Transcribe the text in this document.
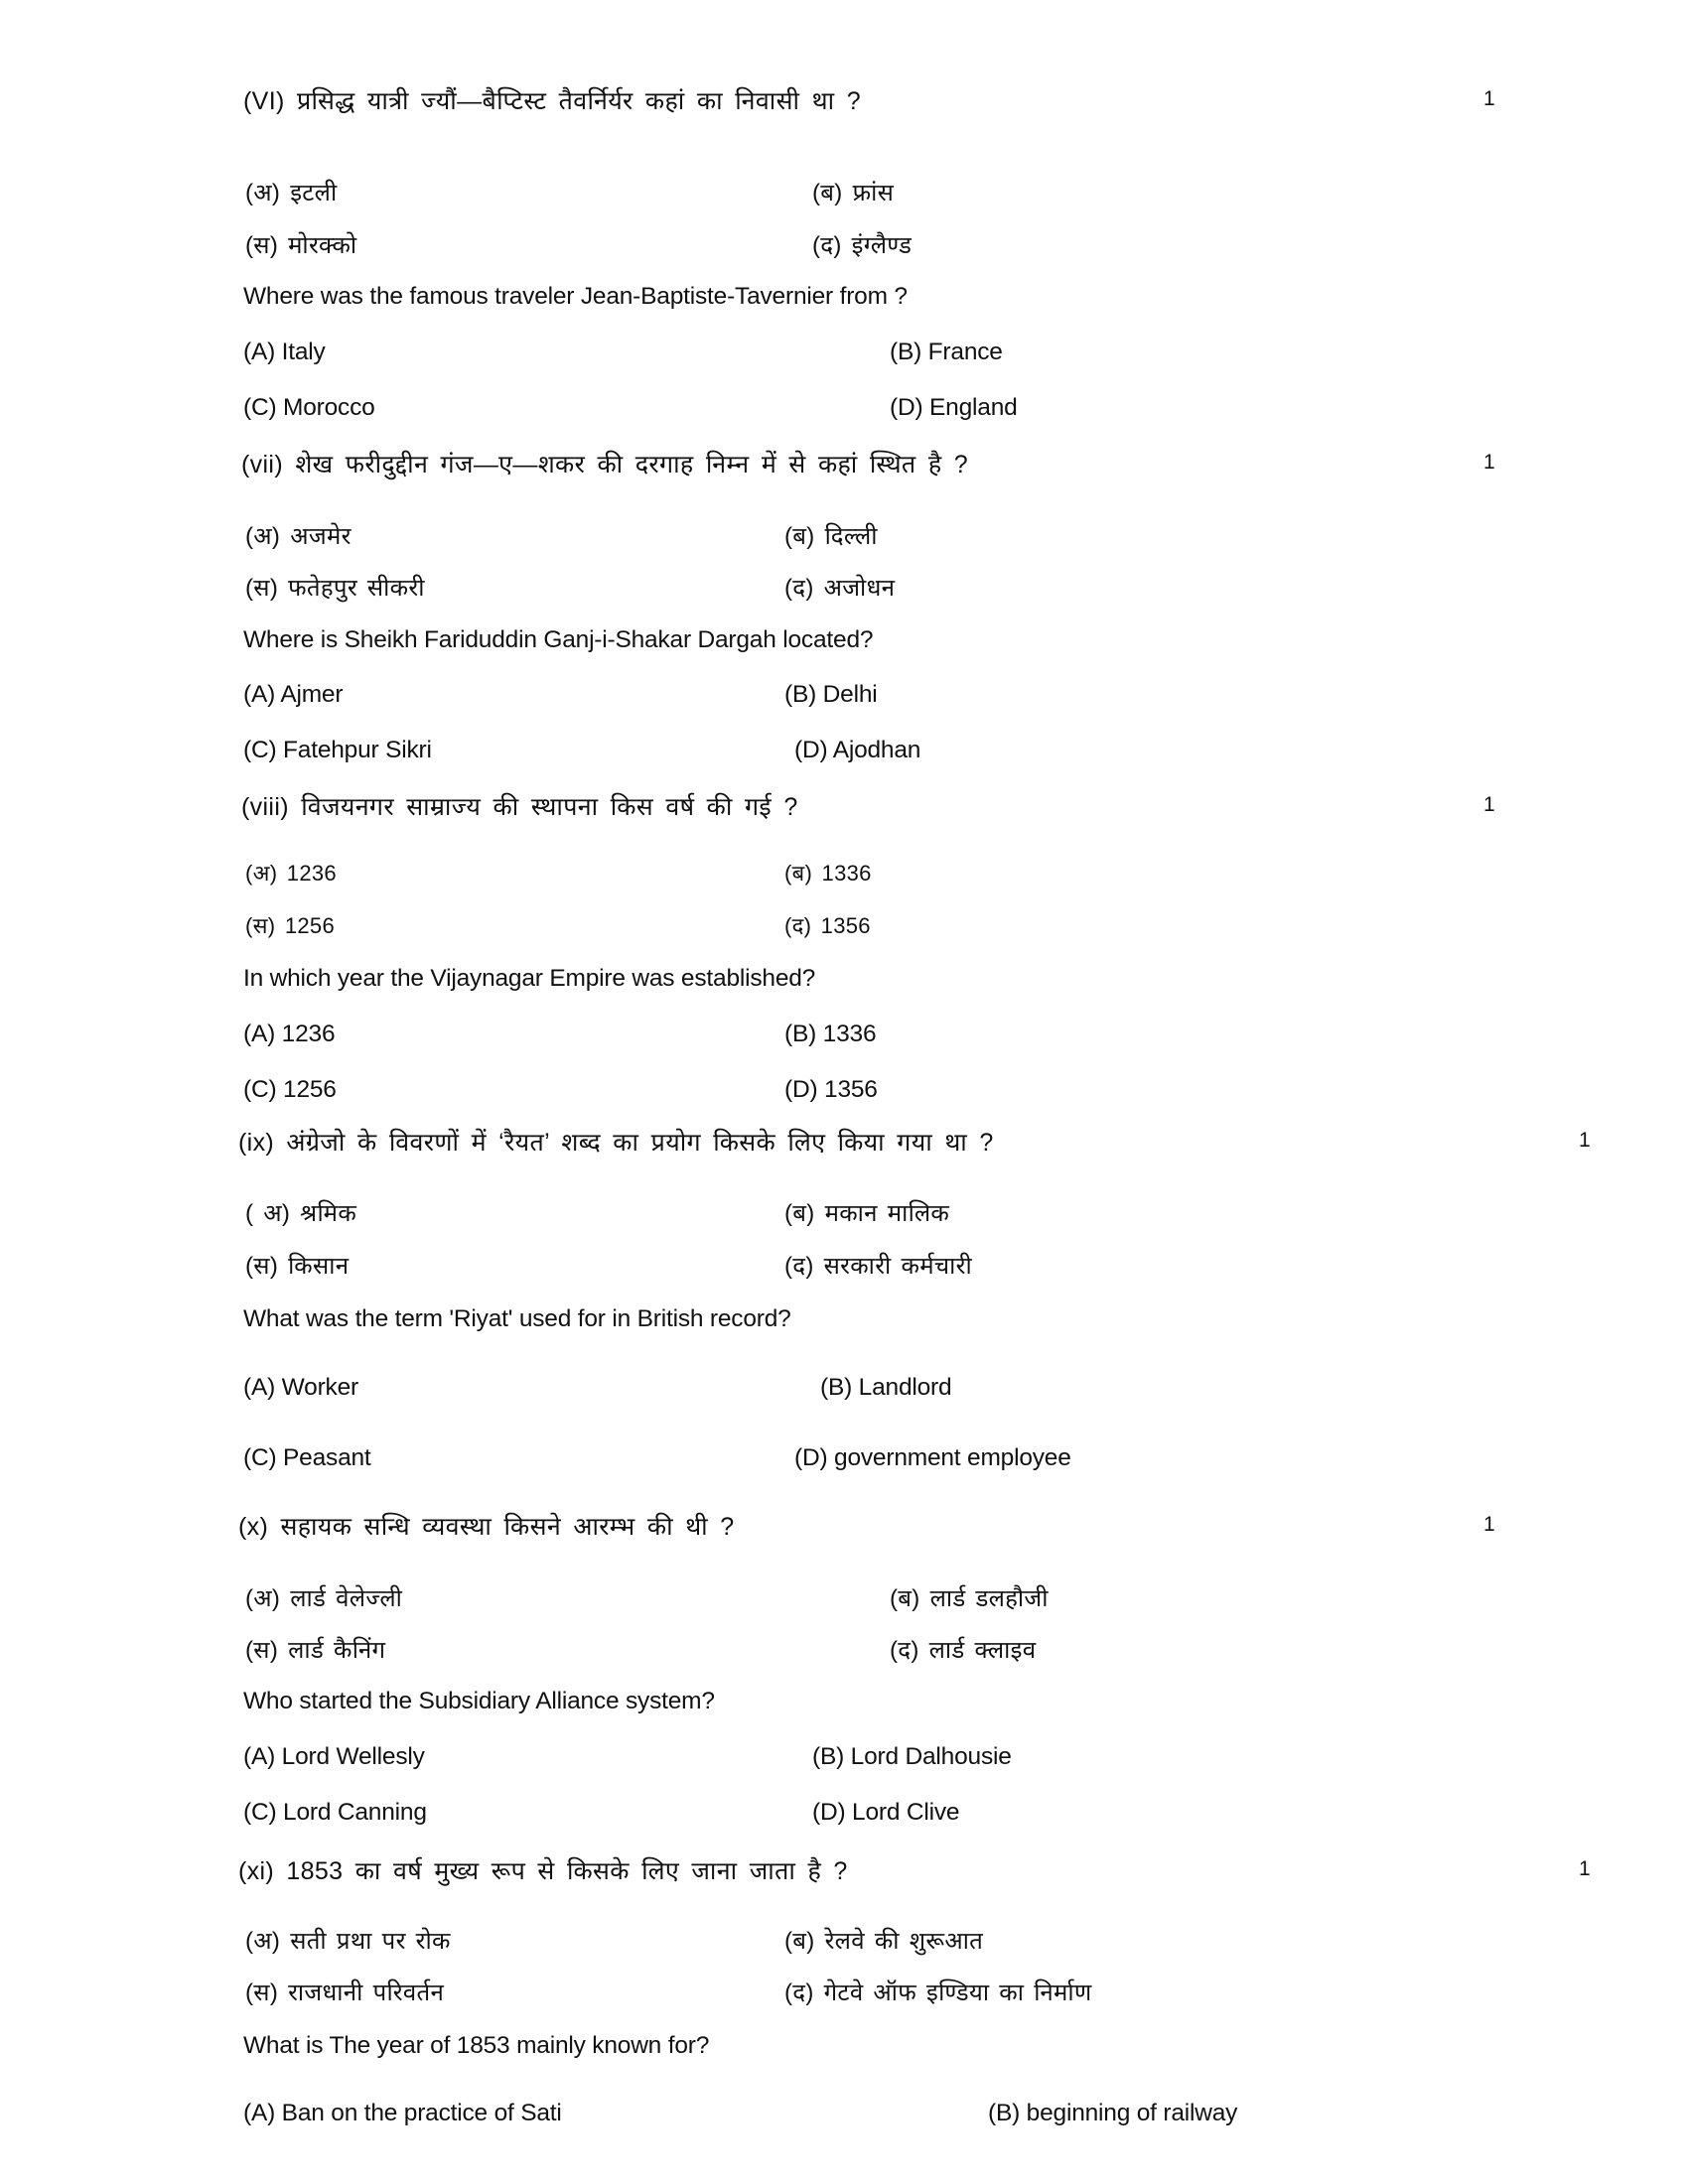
(VI) प्रसिद्ध यात्री ज्यौं—बैप्टिस्ट तैवर्निर्यर कहां का निवासी था ?	1
(अ) इटली	(ब) फ्रांस
(स) मोरक्को	(द) इंग्लैण्ड
Where was the famous traveler Jean-Baptiste-Tavernier from ?
(A) Italy	(B) France
(C) Morocco	(D) England
(vii) शेख फरीदुद्दीन गंज—ए—शकर की दरगाह निम्न में से कहां स्थित है ?	1
(अ) अजमेर	(ब) दिल्ली
(स) फतेहपुर सीकरी	(द) अजोधन
Where is Sheikh Fariduddin Ganj-i-Shakar Dargah located?
(A) Ajmer	(B) Delhi
(C) Fatehpur Sikri	(D) Ajodhan
(viii) विजयनगर साम्राज्य की स्थापना किस वर्ष की गई ?	1
(अ) 1236	(ब) 1336
(स) 1256	(द) 1356
In which year the Vijaynagar Empire was established?
(A) 1236	(B) 1336
(C) 1256	(D) 1356
(ix) अंग्रेजो के विवरणों में ‘रैयत’ शब्द का प्रयोग किसके लिए किया गया था ?	1
( अ) श्रमिक	(ब) मकान मालिक
(स) किसान	(द) सरकारी कर्मचारी
What was the term 'Riyat' used for in British record?
(A) Worker	(B) Landlord
(C) Peasant	(D) government employee
(x) सहायक सन्धि व्यवस्था किसने आरम्भ की थी ?	1
(अ) लार्ड वेलेज्ली	(ब) लार्ड डलहौजी
(स) लार्ड कैनिंग	(द) लार्ड क्लाइव
Who started the Subsidiary Alliance system?
(A) Lord Wellesly	(B) Lord Dalhousie
(C) Lord Canning	(D) Lord Clive
(xi) 1853 का वर्ष मुख्य रूप से किसके लिए जाना जाता है ?	1
(अ) सती प्रथा पर रोक	(ब) रेलवे की शुरूआत
(स) राजधानी परिवर्तन	(द) गेटवे ऑफ इण्डिया का निर्माण
What is The year of 1853 mainly known for?
(A) Ban on the practice of Sati	(B) beginning of railway
